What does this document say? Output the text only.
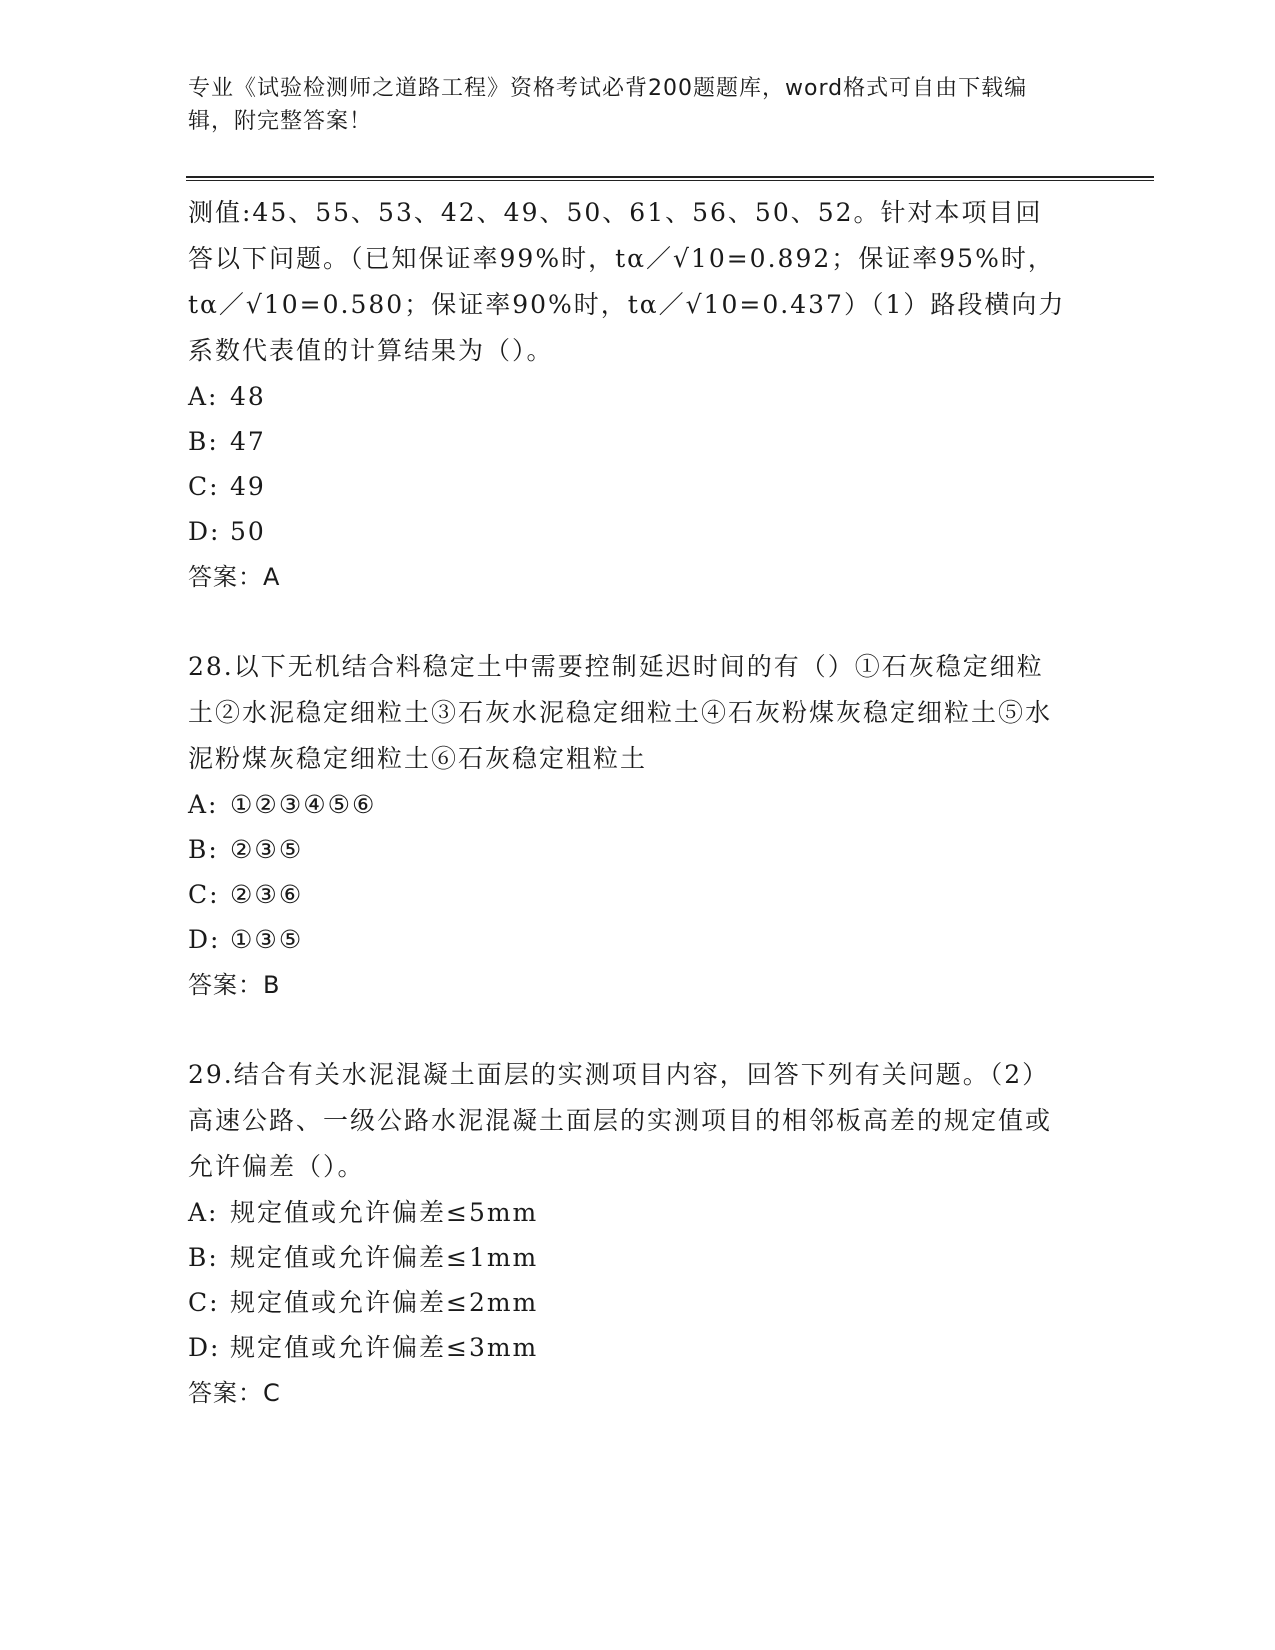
专业《试验检测师之道路工程》资格考试必背200题题库，word格式可自由下载编辑，附完整答案！

测值:45、55、53、42、49、50、61、56、50、52。针对本项目回答以下问题。（已知保证率99%时，tα／√10=0.892；保证率95%时，tα／√10=0.580；保证率90%时，tα／√10=0.437）（1）路段横向力系数代表值的计算结果为（）。

A: 48

B: 47

C: 49

D: 50

答案：A

28.以下无机结合料稳定土中需要控制延迟时间的有（）①石灰稳定细粒土②水泥稳定细粒土③石灰水泥稳定细粒土④石灰粉煤灰稳定细粒土⑤水泥粉煤灰稳定细粒土⑥石灰稳定粗粒土

A: ①②③④⑤⑥

B: ②③⑤

C: ②③⑥

D: ①③⑤

答案：B

29.结合有关水泥混凝土面层的实测项目内容，回答下列有关问题。（2）高速公路、一级公路水泥混凝土面层的实测项目的相邻板高差的规定值或允许偏差（）。

A: 规定值或允许偏差≤5mm

B: 规定值或允许偏差≤1mm

C: 规定值或允许偏差≤2mm

D: 规定值或允许偏差≤3mm

答案：C
